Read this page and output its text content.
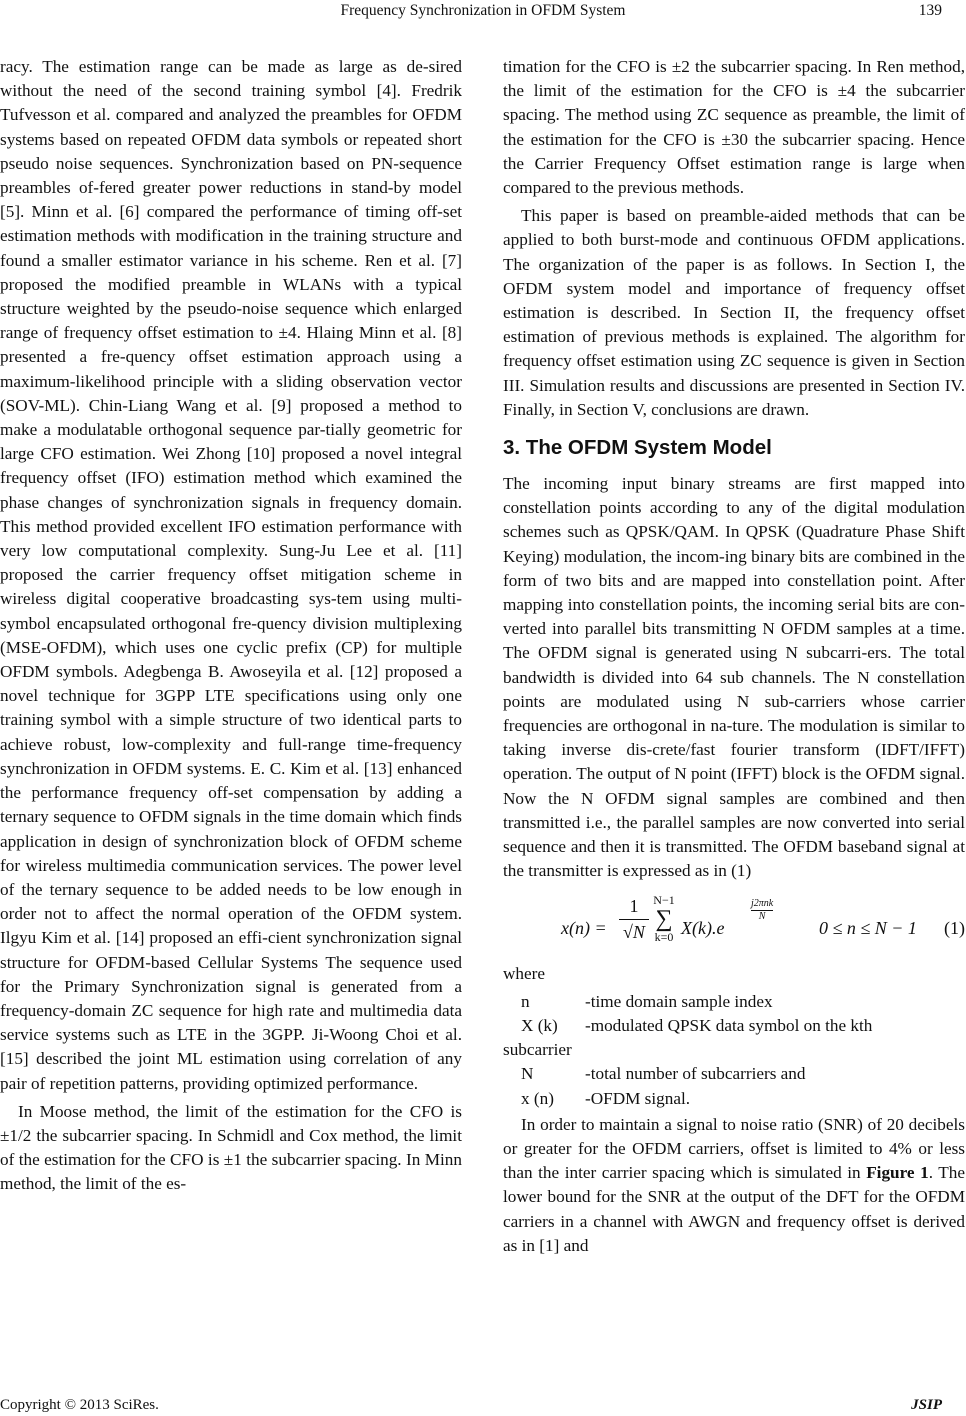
Frequency Synchronization in OFDM System	139

racy. The estimation range can be made as large as de-sired without the need of the second training symbol [4]. Fredrik Tufvesson et al. compared and analyzed the preambles for OFDM systems based on repeated OFDM data symbols or repeated short pseudo noise sequences. Synchronization based on PN-sequence preambles of-fered greater power reductions in stand-by model [5]. Minn et al. [6] compared the performance of timing off-set estimation methods with modification in the training structure and found a smaller estimator variance in his scheme. Ren et al. [7] proposed the modified preamble in WLANs with a typical structure weighted by the pseudo-noise sequence which enlarged range of frequency offset estimation to ±4. Hlaing Minn et al. [8] presented a fre-quency offset estimation approach using a maximum-likelihood principle with a sliding observation vector (SOV-ML). Chin-Liang Wang et al. [9] proposed a method to make a modulatable orthogonal sequence par-tially geometric for large CFO estimation. Wei Zhong [10] proposed a novel integral frequency offset (IFO) estimation method which examined the phase changes of synchronization signals in frequency domain. This method provided excellent IFO estimation performance with very low computational complexity. Sung-Ju Lee et al. [11] proposed the carrier frequency offset mitigation scheme in wireless digital cooperative broadcasting sys-tem using multi-symbol encapsulated orthogonal fre-quency division multiplexing (MSE-OFDM), which uses one cyclic prefix (CP) for multiple OFDM symbols. Adegbenga B. Awoseyila et al. [12] proposed a novel technique for 3GPP LTE specifications using only one training symbol with a simple structure of two identical parts to achieve robust, low-complexity and full-range time-frequency synchronization in OFDM systems. E. C. Kim et al. [13] enhanced the performance frequency off-set compensation by adding a ternary sequence to OFDM signals in the time domain which finds application in design of synchronization block of OFDM scheme for wireless multimedia communication services. The power level of the ternary sequence to be added needs to be low enough in order not to affect the normal operation of the OFDM system. Ilgyu Kim et al. [14] proposed an effi-cient synchronization signal structure for OFDM-based Cellular Systems The sequence used for the Primary Synchronization signal is generated from a frequency-domain ZC sequence for high rate and multimedia data service systems such as LTE in the 3GPP. Ji-Woong Choi et al. [15] described the joint ML estimation using correlation of any pair of repetition patterns, providing optimized performance.

In Moose method, the limit of the estimation for the CFO is ±1/2 the subcarrier spacing. In Schmidl and Cox method, the limit of the estimation for the CFO is ±1 the subcarrier spacing. In Minn method, the limit of the es-

timation for the CFO is ±2 the subcarrier spacing. In Ren method, the limit of the estimation for the CFO is ±4 the subcarrier spacing. The method using ZC sequence as preamble, the limit of the estimation for the CFO is ±30 the subcarrier spacing. Hence the Carrier Frequency Offset estimation range is large when compared to the previous methods.

This paper is based on preamble-aided methods that can be applied to both burst-mode and continuous OFDM applications. The organization of the paper is as follows. In Section I, the OFDM system model and importance of frequency offset estimation is described. In Section II, the frequency offset estimation of previous methods is explained. The algorithm for frequency offset estimation using ZC sequence is given in Section III. Simulation results and discussions are presented in Section IV. Finally, in Section V, conclusions are drawn.

3. The OFDM System Model

The incoming input binary streams are first mapped into constellation points according to any of the digital modulation schemes such as QPSK/QAM. In QPSK (Quadrature Phase Shift Keying) modulation, the incom-ing binary bits are combined in the form of two bits and are mapped into constellation point. After mapping into constellation points, the incoming serial bits are con-verted into parallel bits transmitting N OFDM samples at a time. The OFDM signal is generated using N subcarri-ers. The total bandwidth is divided into 64 sub channels. The N constellation points are modulated using N sub-carriers whose carrier frequencies are orthogonal in na-ture. The modulation is similar to taking inverse dis-crete/fast fourier transform (IDFT/IFFT) operation. The output of N point (IFFT) block is the OFDM signal. Now the N OFDM signal samples are combined and then transmitted i.e., the parallel samples are now converted into serial sequence and then it is transmitted. The OFDM baseband signal at the transmitter is expressed as in (1)

$x(n) = \frac{1}{√N} N-1$
∑
k=0 X(k).e
j2πnk
N
0 ≤ n ≤ N − 1 (1)

where

n	-time domain sample index
X (k)	-modulated QPSK data symbol on the kth
subcarrier
N	-total number of subcarriers and
x (n)	-OFDM signal.

In order to maintain a signal to noise ratio (SNR) of 20 decibels or greater for the OFDM carriers, offset is limited to 4% or less than the inter carrier spacing which is simulated in Figure 1. The lower bound for the SNR at the output of the DFT for the OFDM carriers in a channel with AWGN and frequency offset is derived as in [1] and

Copyright © 2013 SciRes.	JSIP
